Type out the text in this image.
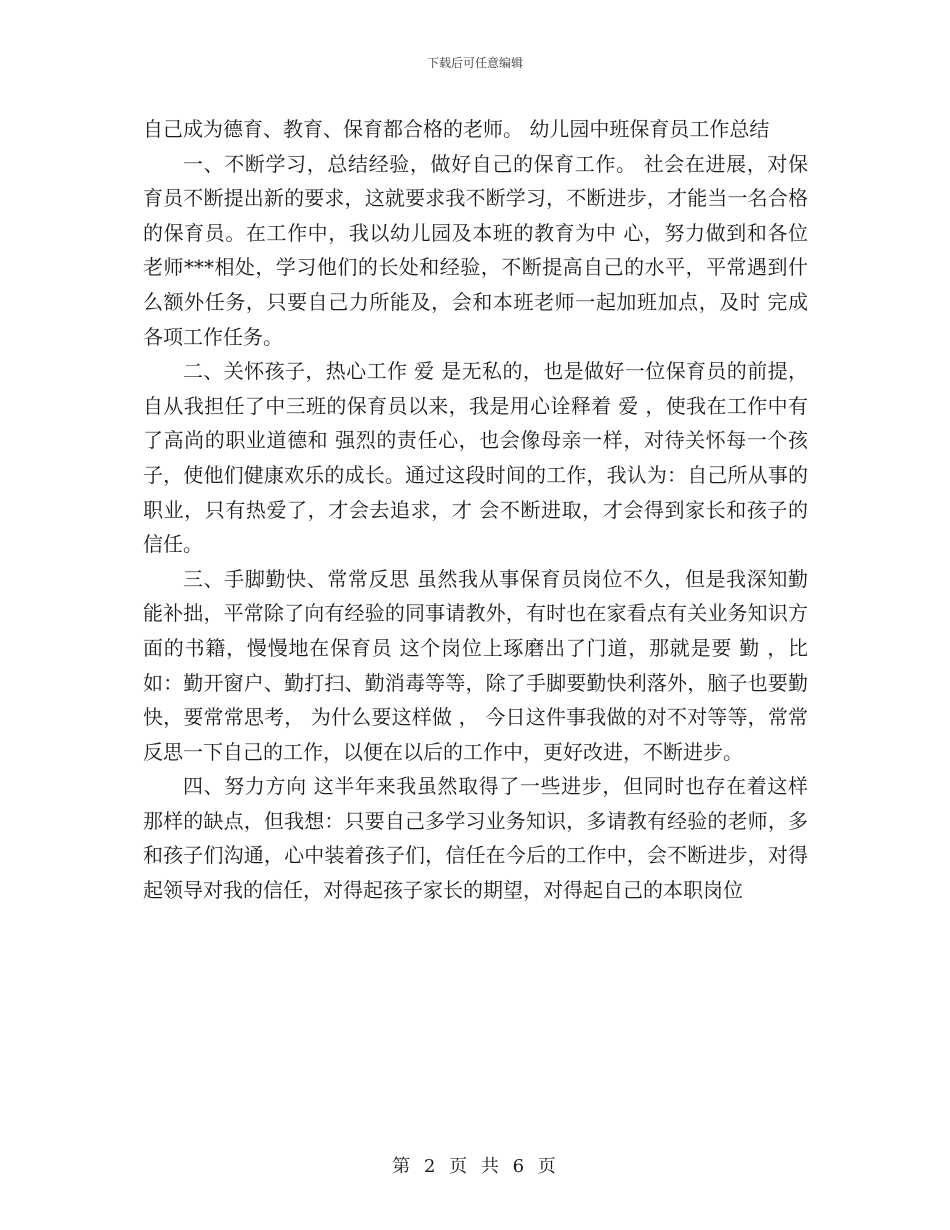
下载后可任意编辑

自己成为德育、教育、保育都合格的老师。 幼儿园中班保育员工作总结

一、不断学习，总结经验，做好自己的保育工作。 社会在进展，对保育员不断提出新的要求，这就要求我不断学习，不断进步，才能当一名合格的保育员。在工作中，我以幼儿园及本班的教育为中 心，努力做到和各位老师***相处，学习他们的长处和经验，不断提高自己的水平，平常遇到什么额外任务，只要自己力所能及，会和本班老师一起加班加点，及时 完成各项工作任务。

二、关怀孩子，热心工作 爱 是无私的，也是做好一位保育员的前提，自从我担任了中三班的保育员以来，我是用心诠释着 爱 ，使我在工作中有了高尚的职业道德和 强烈的责任心，也会像母亲一样，对待关怀每一个孩子，使他们健康欢乐的成长。通过这段时间的工作，我认为：自己所从事的职业，只有热爱了，才会去追求，才 会不断进取，才会得到家长和孩子的信任。

三、手脚勤快、常常反思 虽然我从事保育员岗位不久，但是我深知勤能补拙，平常除了向有经验的同事请教外，有时也在家看点有关业务知识方面的书籍，慢慢地在保育员 这个岗位上琢磨出了门道，那就是要 勤 ，比如：勤开窗户、勤打扫、勤消毒等等，除了手脚要勤快利落外，脑子也要勤快，要常常思考， 为什么要这样做 ， 今日这件事我做的对不对等等，常常反思一下自己的工作，以便在以后的工作中，更好改进，不断进步。

四、努力方向 这半年来我虽然取得了一些进步，但同时也存在着这样那样的缺点，但我想：只要自己多学习业务知识，多请教有经验的老师，多和孩子们沟通，心中装着孩子们，信任在今后的工作中，会不断进步，对得起领导对我的信任，对得起孩子家长的期望，对得起自己的本职岗位

第 2 页 共 6 页
